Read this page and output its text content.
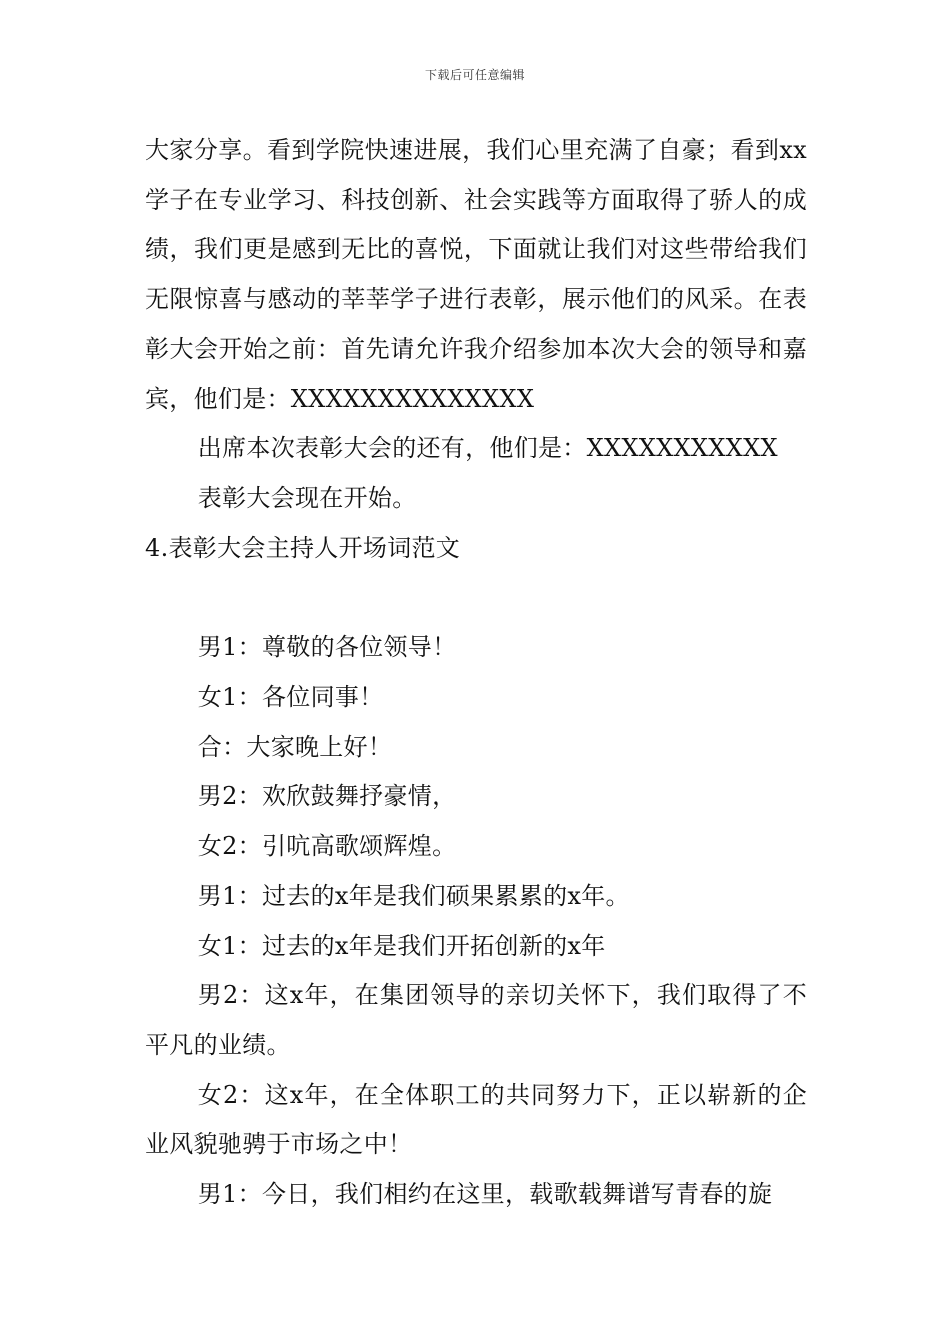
下载后可任意编辑

大家分享。看到学院快速进展，我们心里充满了自豪；看到xx学子在专业学习、科技创新、社会实践等方面取得了骄人的成绩，我们更是感到无比的喜悦，下面就让我们对这些带给我们无限惊喜与感动的莘莘学子进行表彰，展示他们的风采。在表彰大会开始之前：首先请允许我介绍参加本次大会的领导和嘉宾，他们是：XXXXXXXXXXXXXX

出席本次表彰大会的还有，他们是：XXXXXXXXXXX

表彰大会现在开始。

4.表彰大会主持人开场词范文

男1：尊敬的各位领导！

女1：各位同事！

合：大家晚上好！

男2：欢欣鼓舞抒豪情，

女2：引吭高歌颂辉煌。

男1：过去的x年是我们硕果累累的x年。

女1：过去的x年是我们开拓创新的x年

男2：这x年，在集团领导的亲切关怀下，我们取得了不平凡的业绩。

女2：这x年，在全体职工的共同努力下，正以崭新的企业风貌驰骋于市场之中！

男1：今日，我们相约在这里，载歌载舞谱写青春的旋
